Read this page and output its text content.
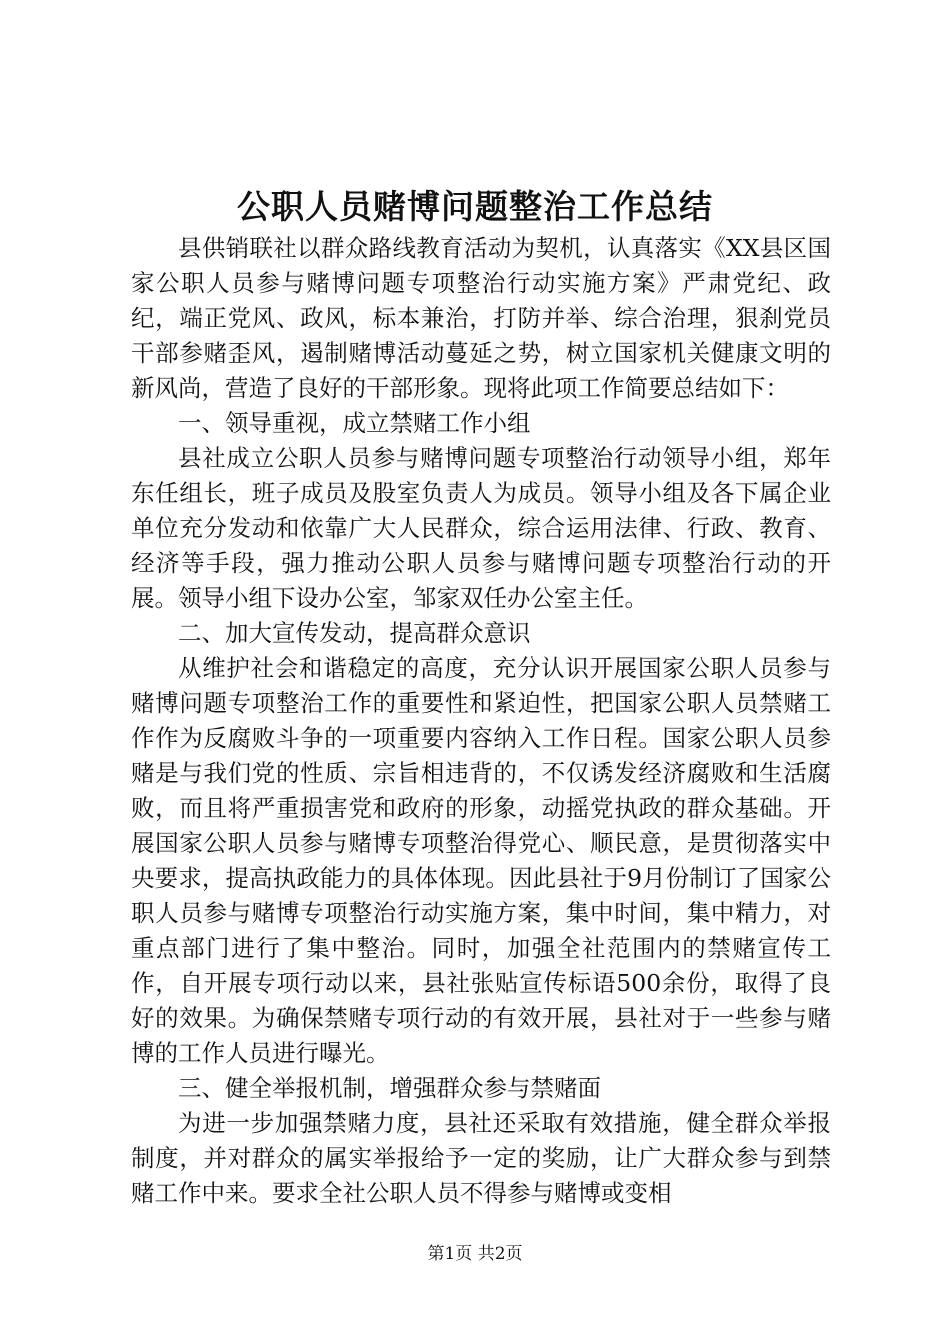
公职人员赌博问题整治工作总结

县供销联社以群众路线教育活动为契机，认真落实《XX县区国家公职人员参与赌博问题专项整治行动实施方案》严肃党纪、政纪，端正党风、政风，标本兼治，打防并举、综合治理，狠刹党员干部参赌歪风，遏制赌博活动蔓延之势，树立国家机关健康文明的新风尚，营造了良好的干部形象。现将此项工作简要总结如下：

一、领导重视，成立禁赌工作小组

县社成立公职人员参与赌博问题专项整治行动领导小组，郑年东任组长，班子成员及股室负责人为成员。领导小组及各下属企业单位充分发动和依靠广大人民群众，综合运用法律、行政、教育、经济等手段，强力推动公职人员参与赌博问题专项整治行动的开展。领导小组下设办公室，邹家双任办公室主任。

二、加大宣传发动，提高群众意识

从维护社会和谐稳定的高度，充分认识开展国家公职人员参与赌博问题专项整治工作的重要性和紧迫性，把国家公职人员禁赌工作作为反腐败斗争的一项重要内容纳入工作日程。国家公职人员参赌是与我们党的性质、宗旨相违背的，不仅诱发经济腐败和生活腐败，而且将严重损害党和政府的形象，动摇党执政的群众基础。开展国家公职人员参与赌博专项整治得党心、顺民意，是贯彻落实中央要求，提高执政能力的具体体现。因此县社于9月份制订了国家公职人员参与赌博专项整治行动实施方案，集中时间，集中精力，对重点部门进行了集中整治。同时，加强全社范围内的禁赌宣传工作，自开展专项行动以来，县社张贴宣传标语500余份，取得了良好的效果。为确保禁赌专项行动的有效开展，县社对于一些参与赌博的工作人员进行曝光。

三、健全举报机制，增强群众参与禁赌面

为进一步加强禁赌力度，县社还采取有效措施，健全群众举报制度，并对群众的属实举报给予一定的奖励，让广大群众参与到禁赌工作中来。要求全社公职人员不得参与赌博或变相

第1页 共2页
